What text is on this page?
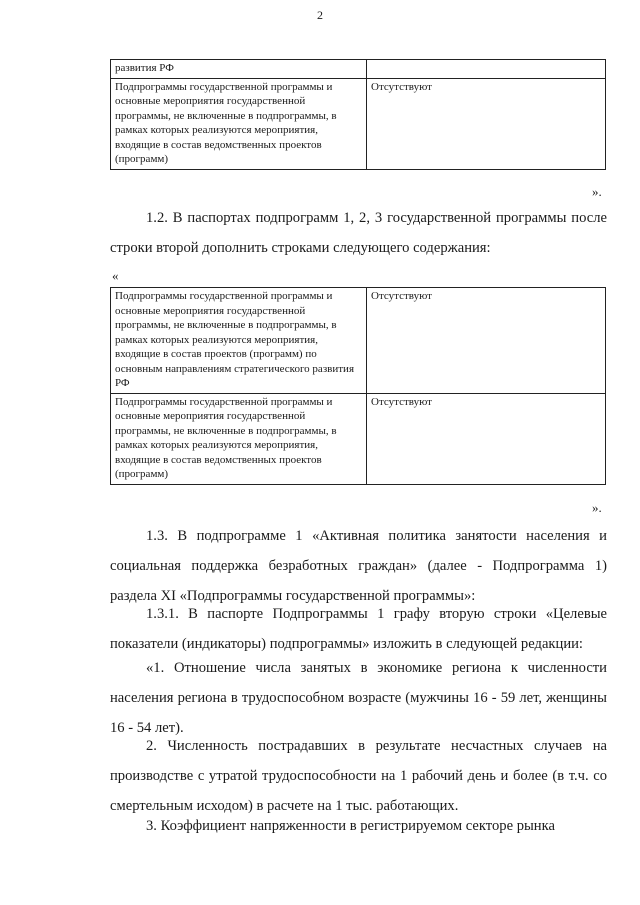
2
развития РФ	
Подпрограммы государственной программы и основные мероприятия государственной программы, не включенные в подпрограммы, в рамках которых реализуются мероприятия, входящие в состав ведомственных проектов (программ)	Отсутствуют
».

1.2. В паспортах подпрограмм 1, 2, 3 государственной программы после строки второй дополнить строками следующего содержания:

«
Подпрограммы государственной программы и основные мероприятия государственной программы, не включенные в подпрограммы, в рамках которых реализуются мероприятия, входящие в состав проектов (программ) по основным направлениям стратегического развития РФ	Отсутствуют
Подпрограммы государственной программы и основные мероприятия государственной программы, не включенные в подпрограммы, в рамках которых реализуются мероприятия, входящие в состав ведомственных проектов (программ)	Отсутствуют
».

1.3. В подпрограмме 1 «Активная политика занятости населения и социальная поддержка безработных граждан» (далее - Подпрограмма 1) раздела XI «Подпрограммы государственной программы»:

1.3.1. В паспорте Подпрограммы 1 графу вторую строки «Целевые показатели (индикаторы) подпрограммы» изложить в следующей редакции:

«1. Отношение числа занятых в экономике региона к численности населения региона в трудоспособном возрасте (мужчины 16 - 59 лет, женщины 16 - 54 лет).

2. Численность пострадавших в результате несчастных случаев на производстве с утратой трудоспособности на 1 рабочий день и более (в т.ч. со смертельным исходом) в расчете на 1 тыс. работающих.

3. Коэффициент напряженности в регистрируемом секторе рынка
